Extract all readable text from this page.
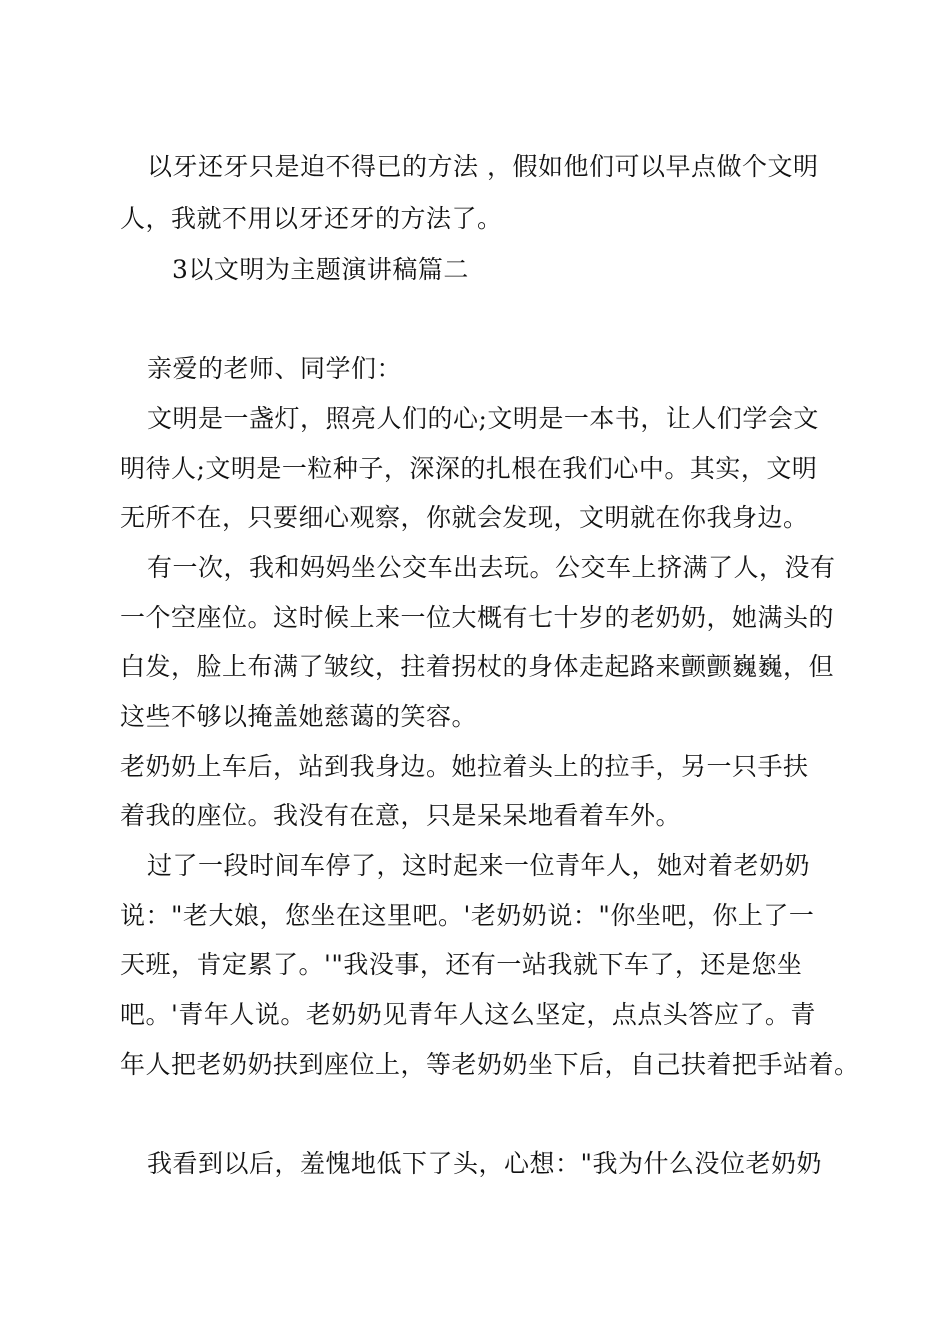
以牙还牙只是迫不得已的方法 ，假如他们可以早点做个文明
人，我就不用以牙还牙的方法了。
3以文明为主题演讲稿篇二
亲爱的老师、同学们：
文明是一盏灯，照亮人们的心;文明是一本书，让人们学会文
明待人;文明是一粒种子，深深的扎根在我们心中。其实，文明
无所不在，只要细心观察，你就会发现，文明就在你我身边。
有一次，我和妈妈坐公交车出去玩。公交车上挤满了人，没有
一个空座位。这时候上来一位大概有七十岁的老奶奶，她满头的
白发，脸上布满了皱纹，拄着拐杖的身体走起路来颤颤巍巍，但
这些不够以掩盖她慈蔼的笑容。
老奶奶上车后，站到我身边。她拉着头上的拉手，另一只手扶
着我的座位。我没有在意，只是呆呆地看着车外。
过了一段时间车停了，这时起来一位青年人，她对着老奶奶
说："老大娘，您坐在这里吧。'老奶奶说："你坐吧，你上了一
天班，肯定累了。'"我没事，还有一站我就下车了，还是您坐
吧。'青年人说。老奶奶见青年人这么坚定，点点头答应了。青
年人把老奶奶扶到座位上，等老奶奶坐下后，自己扶着把手站着。
我看到以后，羞愧地低下了头，心想："我为什么没位老奶奶
